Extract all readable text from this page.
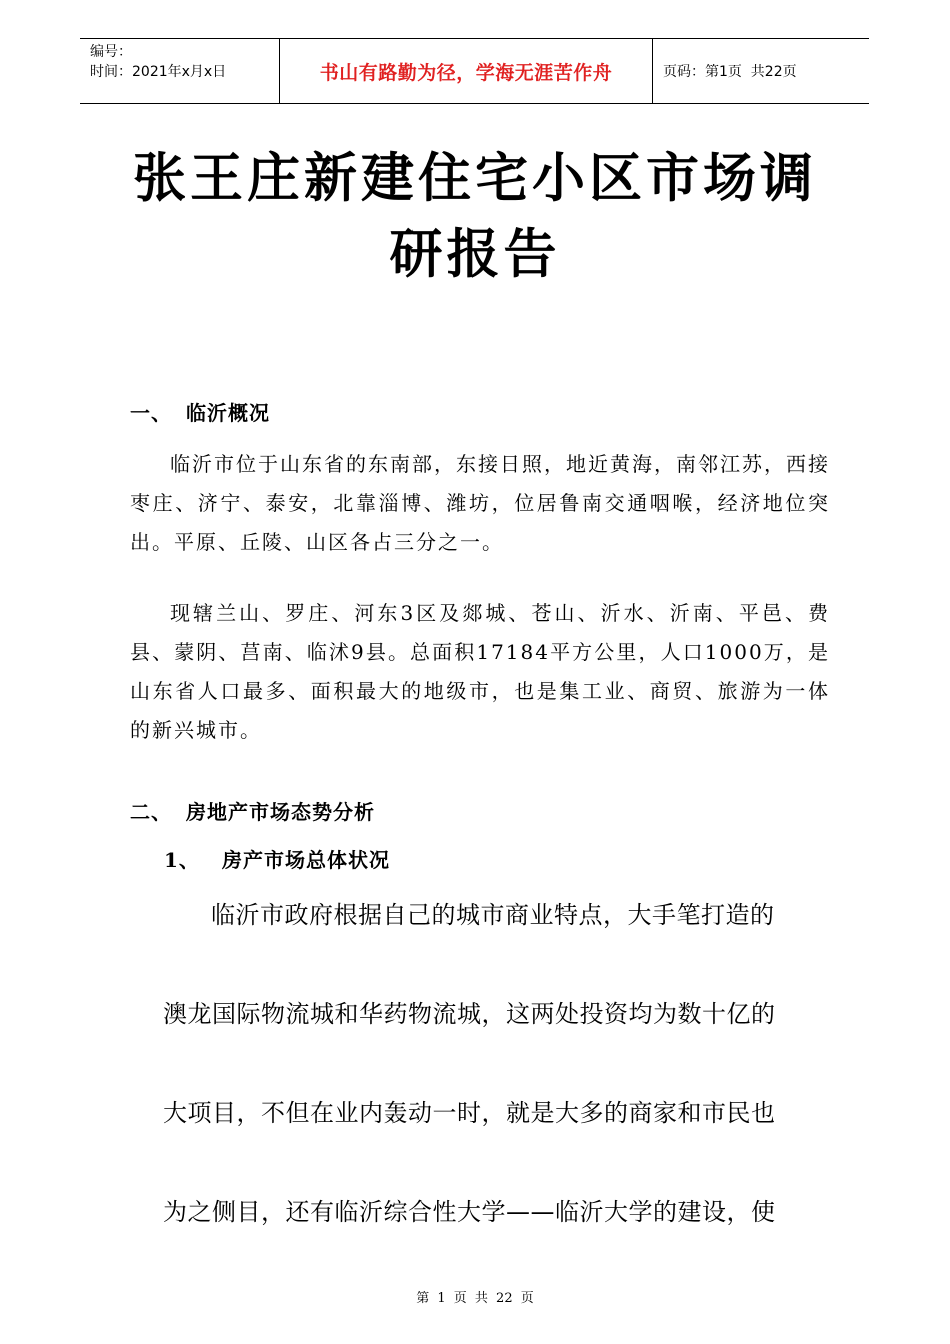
编号：
时间：2021年x月x日	书山有路勤为径，学海无涯苦作舟	页码：第1页  共22页
张王庄新建住宅小区市场调
研报告
一、 临沂概况
临沂市位于山东省的东南部，东接日照，地近黄海，南邻江苏，西接枣庄、济宁、泰安，北靠淄博、潍坊，位居鲁南交通咽喉，经济地位突出。平原、丘陵、山区各占三分之一。
现辖兰山、罗庄、河东3区及郯城、苍山、沂水、沂南、平邑、费县、蒙阴、莒南、临沭9县。总面积17184平方公里，人口1000万，是山东省人口最多、面积最大的地级市，也是集工业、商贸、旅游为一体的新兴城市。
二、 房地产市场态势分析
1、 房产市场总体状况
临沂市政府根据自己的城市商业特点，大手笔打造的
澳龙国际物流城和华药物流城，这两处投资均为数十亿的
大项目，不但在业内轰动一时，就是大多的商家和市民也
为之侧目，还有临沂综合性大学——临沂大学的建设，使
第 1 页 共 22 页
